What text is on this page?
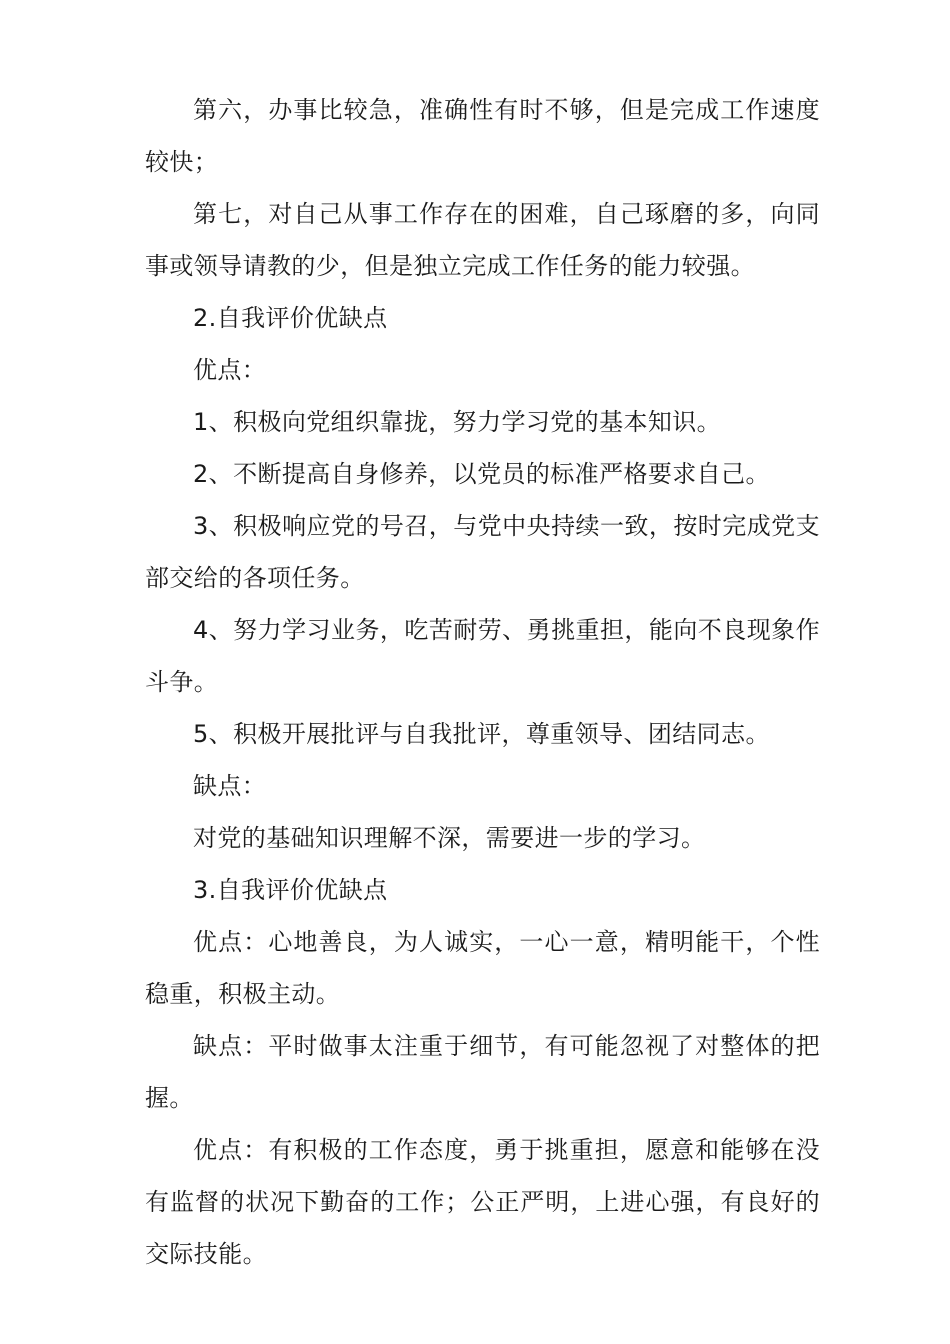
第六，办事比较急，准确性有时不够，但是完成工作速度较快；

第七，对自己从事工作存在的困难，自己琢磨的多，向同事或领导请教的少，但是独立完成工作任务的能力较强。

2.自我评价优缺点

优点：

1、积极向党组织靠拢，努力学习党的基本知识。

2、不断提高自身修养，以党员的标准严格要求自己。

3、积极响应党的号召，与党中央持续一致，按时完成党支部交给的各项任务。

4、努力学习业务，吃苦耐劳、勇挑重担，能向不良现象作斗争。

5、积极开展批评与自我批评，尊重领导、团结同志。

缺点：

对党的基础知识理解不深，需要进一步的学习。

3.自我评价优缺点

优点：心地善良，为人诚实，一心一意，精明能干，个性稳重，积极主动。

缺点：平时做事太注重于细节，有可能忽视了对整体的把握。

优点：有积极的工作态度，勇于挑重担，愿意和能够在没有监督的状况下勤奋的工作；公正严明，上进心强，有良好的交际技能。
